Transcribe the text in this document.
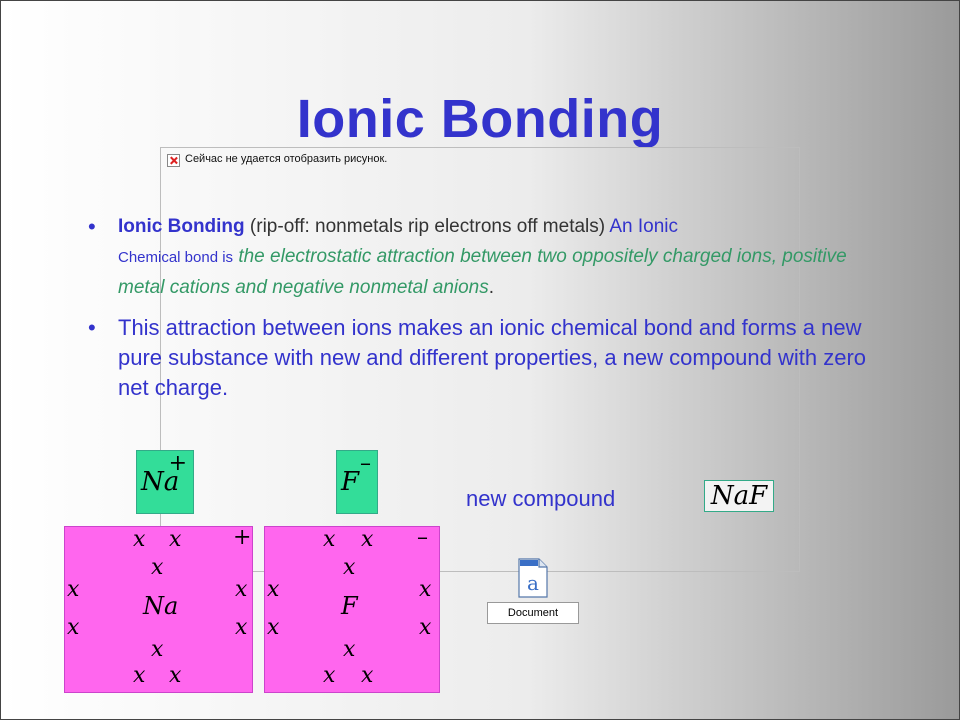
Ionic Bonding
Сейчас не удается отобразить рисунок.
• Ionic Bonding (rip-off: nonmetals rip electrons off metals) An Ionic
Chemical bond is the electrostatic attraction between two oppositely charged ions, positive metal cations and negative nonmetal anions.
• This attraction between ions makes an ionic chemical bond and forms a new pure substance with new and different properties, a new compound with zero net charge.
Na
+
F
–
new compound	NaF
x x +
x
x	x
Na
x	x
x
x x
x x –
x
x	x
F
x	x
x
x x
a
Document
